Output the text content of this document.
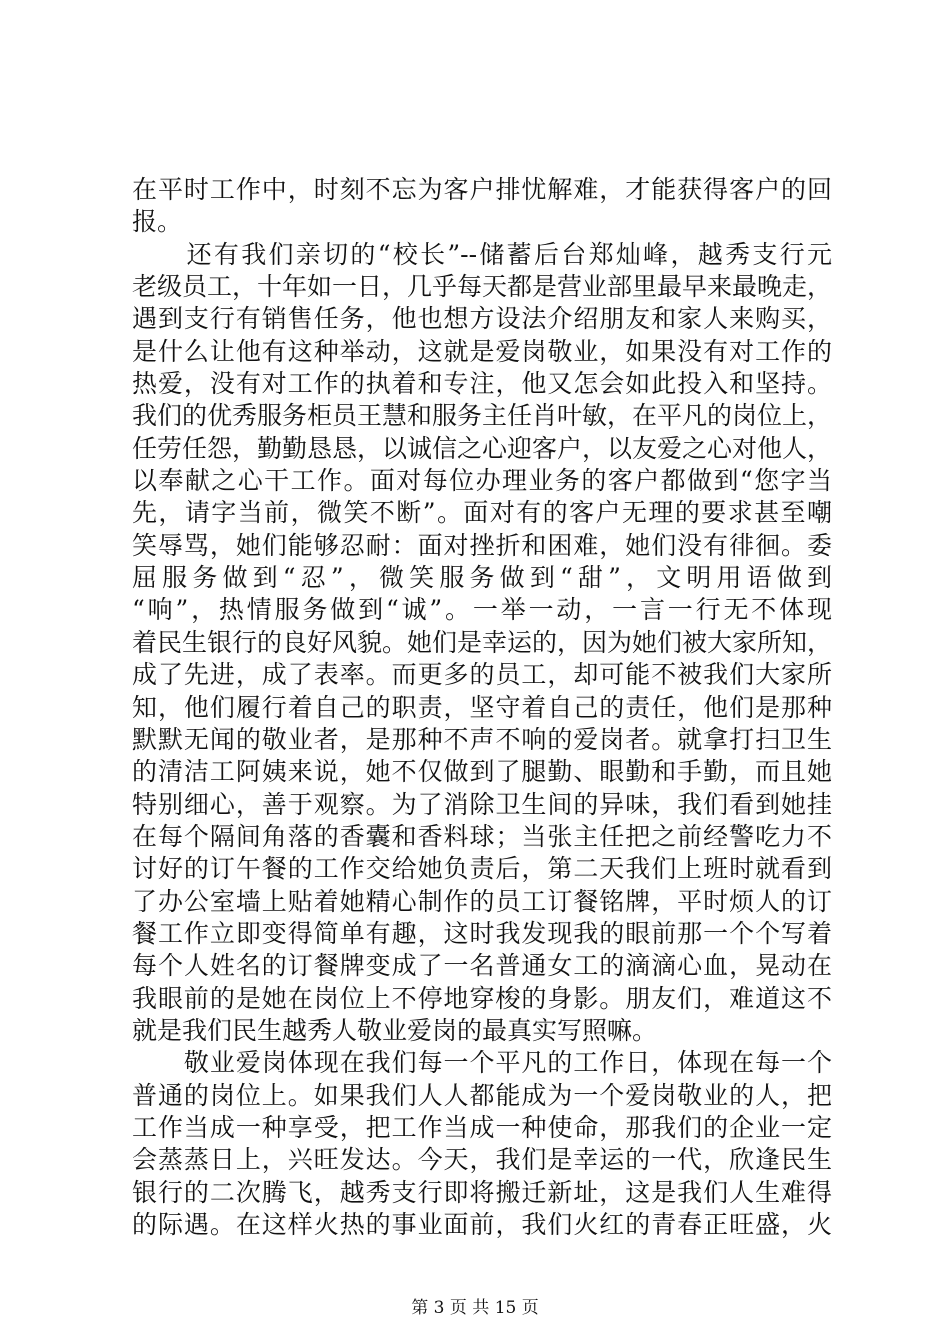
在平时工作中，时刻不忘为客户排忧解难，才能获得客户的回
报。
　　还有我们亲切的“校长”--储蓄后台郑灿峰，越秀支行元
老级员工，十年如一日，几乎每天都是营业部里最早来最晚走，
遇到支行有销售任务，他也想方设法介绍朋友和家人来购买，
是什么让他有这种举动，这就是爱岗敬业，如果没有对工作的
热爱，没有对工作的执着和专注，他又怎会如此投入和坚持。
我们的优秀服务柜员王慧和服务主任肖叶敏，在平凡的岗位上，
任劳任怨，勤勤恳恳，以诚信之心迎客户，以友爱之心对他人，
以奉献之心干工作。面对每位办理业务的客户都做到“您字当
先，请字当前，微笑不断”。面对有的客户无理的要求甚至嘲
笑辱骂，她们能够忍耐：面对挫折和困难，她们没有徘徊。委
屈服务做到“忍”，微笑服务做到“甜”，文明用语做到
“响”，热情服务做到“诚”。一举一动，一言一行无不体现
着民生银行的良好风貌。她们是幸运的，因为她们被大家所知，
成了先进，成了表率。而更多的员工，却可能不被我们大家所
知，他们履行着自己的职责，坚守着自己的责任，他们是那种
默默无闻的敬业者，是那种不声不响的爱岗者。就拿打扫卫生
的清洁工阿姨来说，她不仅做到了腿勤、眼勤和手勤，而且她
特别细心，善于观察。为了消除卫生间的异味，我们看到她挂
在每个隔间角落的香囊和香料球；当张主任把之前经警吃力不
讨好的订午餐的工作交给她负责后，第二天我们上班时就看到
了办公室墙上贴着她精心制作的员工订餐铭牌，平时烦人的订
餐工作立即变得简单有趣，这时我发现我的眼前那一个个写着
每个人姓名的订餐牌变成了一名普通女工的滴滴心血，晃动在
我眼前的是她在岗位上不停地穿梭的身影。朋友们，难道这不
就是我们民生越秀人敬业爱岗的最真实写照嘛。
　　敬业爱岗体现在我们每一个平凡的工作日，体现在每一个
普通的岗位上。如果我们人人都能成为一个爱岗敬业的人，把
工作当成一种享受，把工作当成一种使命，那我们的企业一定
会蒸蒸日上，兴旺发达。今天，我们是幸运的一代，欣逢民生
银行的二次腾飞，越秀支行即将搬迁新址，这是我们人生难得
的际遇。在这样火热的事业面前，我们火红的青春正旺盛，火
第 3 页 共 15 页
